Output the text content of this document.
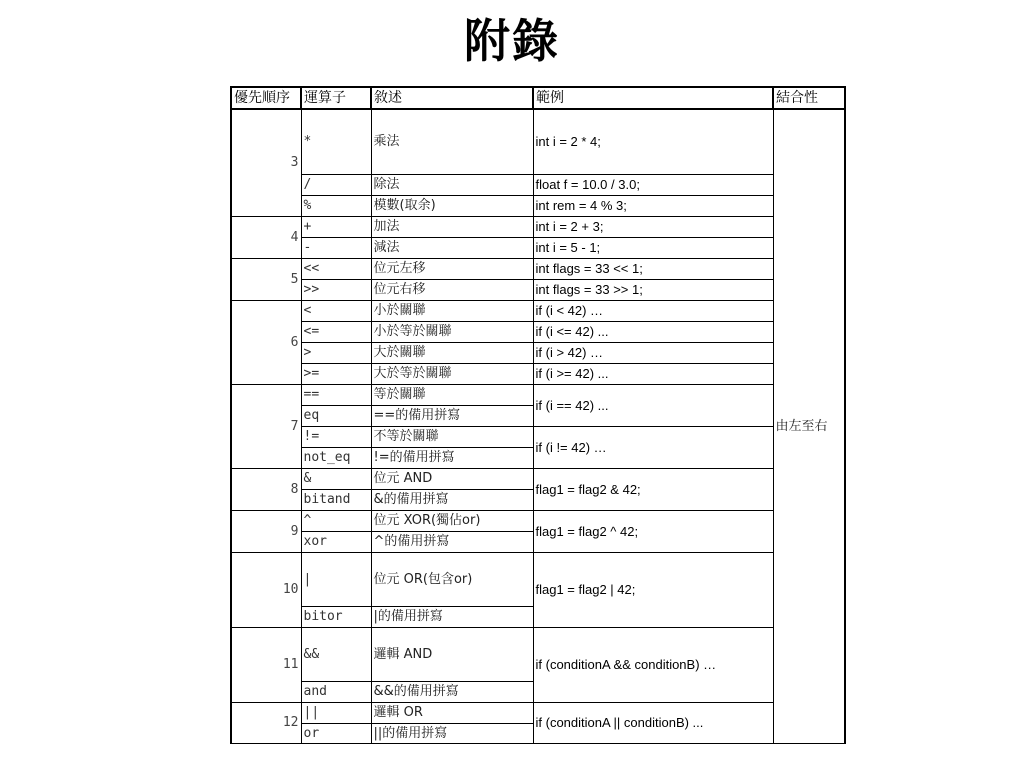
附錄
優先順序	運算子	敘述	範例	結合性
3	*	乘法	int i = 2 * 4;	由左至右
	/	除法	float f = 10.0 / 3.0;	
	%	模數(取余)	int rem = 4 % 3;	
4	+	加法	int i = 2 + 3;	
	-	減法	int i = 5 - 1;	
5	<<	位元左移	int flags = 33 << 1;	
	>>	位元右移	int flags = 33 >> 1;	
6	<	小於關聯	if (i < 42) …	
	<=	小於等於關聯	if (i <= 42) ...	
	>	大於關聯	if (i > 42) …	
	>=	大於等於關聯	if (i >= 42) ...	
7	==	等於關聯	if (i == 42) ...	
	eq	==的備用拼寫		
	!=	不等於關聯	if (i != 42) …	
	not_eq	!=的備用拼寫		
8	&	位元 AND	flag1 = flag2 & 42;	
	bitand	&的備用拼寫		
9	^	位元 XOR(獨佔or)	flag1 = flag2 ^ 42;	
	xor	^的備用拼寫		
10	|	位元 OR(包含or)	flag1 = flag2 | 42;	
	bitor	|的備用拼寫		
11	&&	邏輯 AND	if (conditionA && conditionB) …	
	and	&&的備用拼寫		
12	||	邏輯 OR	if (conditionA || conditionB) ...	
	or	||的備用拼寫		
